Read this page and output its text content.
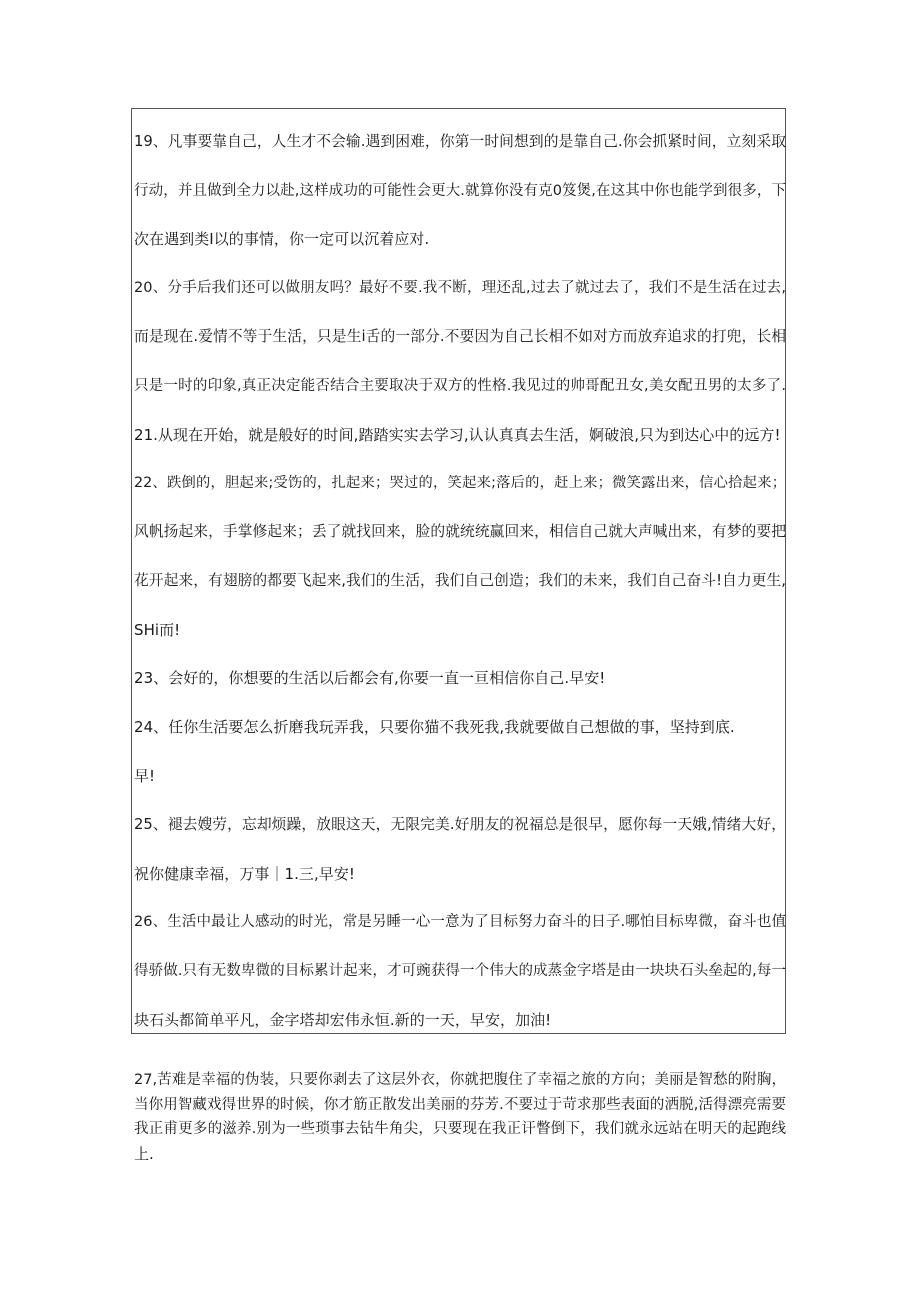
19、凡事要靠自己，人生才不会输.遇到困难，你第一时间想到的是靠自己.你会抓紧时间，立刻采取
行动，并且做到全力以赴,这样成功的可能性会更大.就算你没有克0笈煲,在这其中你也能学到很多，下
次在遇到类I以的事情，你一定可以沉着应对.
20、分手后我们还可以做朋友吗？最好不要.我不断，理还乱,过去了就过去了，我们不是生活在过去,
而是现在.爱情不等于生活，只是生i舌的一部分.不要因为自己长相不如对方而放弃追求的打兜，长相
只是一时的印象,真正决定能否结合主要取决于双方的性格.我见过的帅哥配丑女,美女配丑男的太多了.
21.从现在开始，就是般好的时间,踏踏实实去学习,认认真真去生活，婀破浪,只为到达心中的远方!
22、跌倒的，胆起来;受饬的，扎起来；哭过的，笑起来;落后的，赶上来；微笑露出来，信心拾起来；
风帆扬起来，手掌修起来；丢了就找回来，脸的就统统赢回来，相信自己就大声喊出来，有梦的要把
花开起来，有翅膀的都要飞起来,我们的生活，我们自己创造；我们的未来，我们自己奋斗!自力更生,
SHi而!
23、会好的，你想要的生活以后都会有,你要一直一亘相信你自己.早安!
24、任你生活要怎么折磨我玩弄我，只要你猫不我死我,我就要做自己想做的事，坚持到底.
早!
25、褪去嫂劳，忘却烦躁，放眼这天，无限完美.好朋友的祝福总是很早，愿你每一天娥,情绪大好，
祝你健康幸福，万事｜1.三,早安!
26、生活中最让人感动的时光，常是另睡一心一意为了目标努力奋斗的日子.哪怕目标卑微，奋斗也值
得骄做.只有无数卑微的目标累计起来，才可豌获得一个伟大的成蒸金字塔是由一块块石头垒起的,每一
块石头都简单平凡，金字塔却宏伟永恒.新的一天，早安，加油!
27,苦难是幸福的伪装，只要你剥去了这层外衣，你就把腹住了幸福之旅的方向；美丽是智愁的附胸，
当你用智藏戏得世界的时候，你才筋正散发出美丽的芬芳.不要过于苛求那些表面的洒脱,活得漂亮需要
我正甫更多的滋养.别为一些琐事去钻牛角尖，只要现在我正讦瞥倒下，我们就永远站在明天的起跑线
上.
